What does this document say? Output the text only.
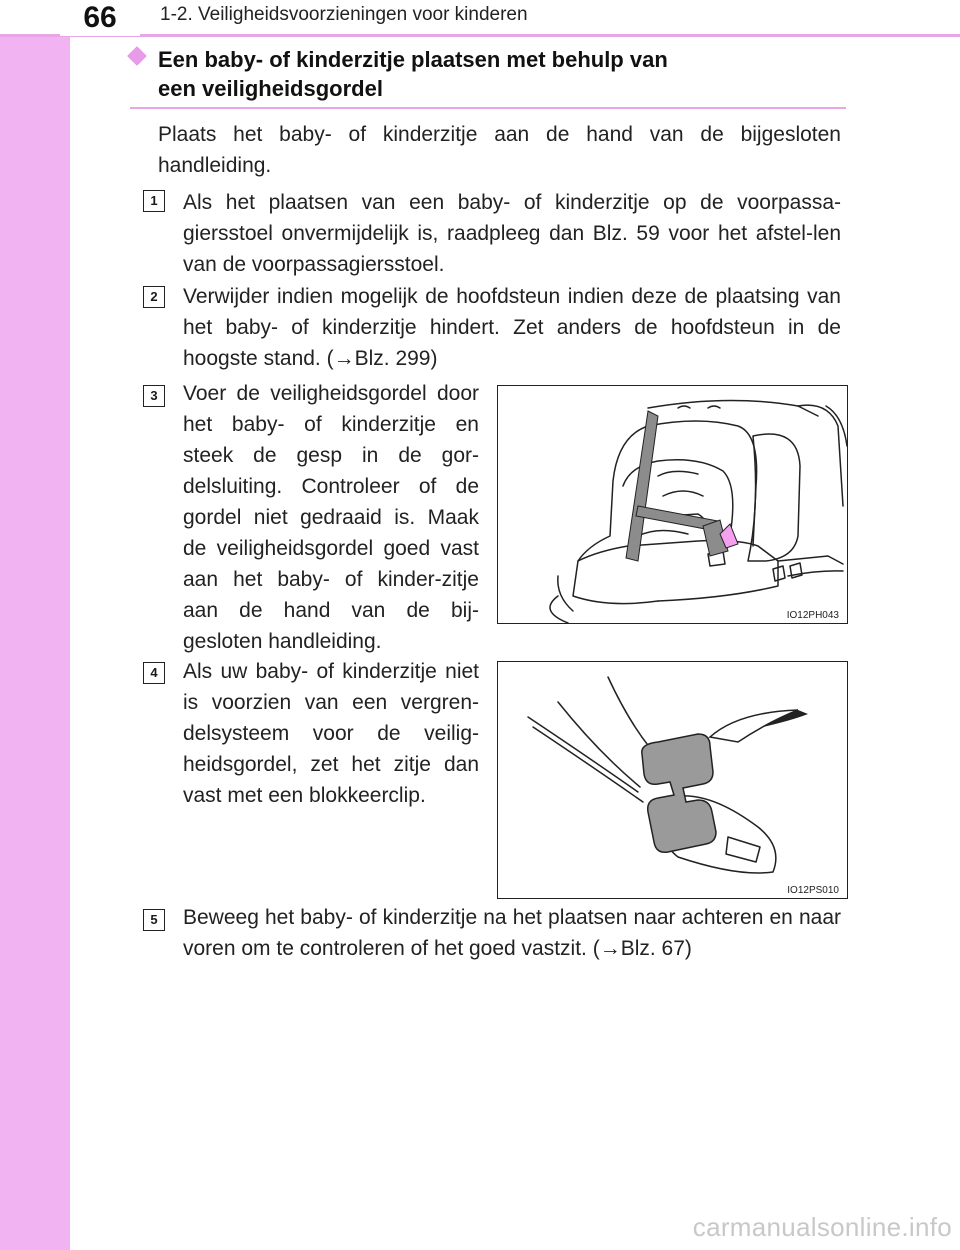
66	1-2. Veiligheidsvoorzieningen voor kinderen
Een baby- of kinderzitje plaatsen met behulp van
een veiligheidsgordel
Plaats het baby- of kinderzitje aan de hand van de bijgesloten handleiding.
1	Als het plaatsen van een baby- of kinderzitje op de voorpassa-giersstoel onvermijdelijk is, raadpleeg dan Blz. 59 voor het afstel-len van de voorpassagiersstoel.
2	Verwijder indien mogelijk de hoofdsteun indien deze de plaatsing van het baby- of kinderzitje hindert. Zet anders de hoofdsteun in de hoogste stand. (→Blz. 299)
3	Voer de veiligheidsgordel door het baby- of kinderzitje en steek de gesp in de gor-delsluiting. Controleer of de gordel niet gedraaid is. Maak de veiligheidsgordel goed vast aan het baby- of kinder-zitje aan de hand van de bij-gesloten handleiding.
IO12PH043
4	Als uw baby- of kinderzitje niet is voorzien van een vergren-delsysteem voor de veilig-heidsgordel, zet het zitje dan vast met een blokkeerclip.
IO12PS010
5	Beweeg het baby- of kinderzitje na het plaatsen naar achteren en naar voren om te controleren of het goed vastzit. (→Blz. 67)
carmanualsonline.info
